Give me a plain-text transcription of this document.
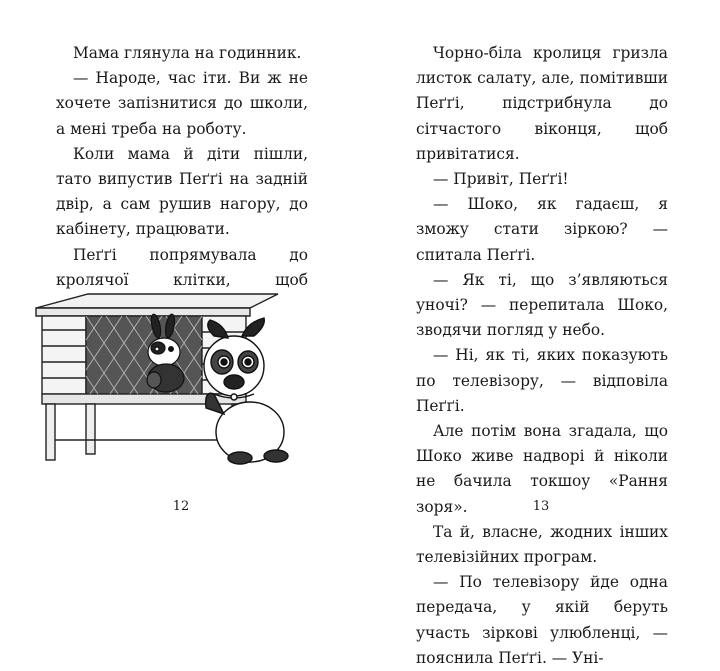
Мама глянула на годинник.

— Народе, час іти. Ви ж не хочете запізнитися до школи, а мені треба на роботу.

Коли мама й діти пішли, тато випустив Пеґґі на задній двір, а сам рушив нагору, до кабінету, працювати.

Пеґґі попрямувала до кролячої клітки, щоб

12

Чорно-біла кролиця гризла листок салату, але, помітивши Пеґґі, підстрибнула до сітчастого віконця, щоб привітатися.

— Привіт, Пеґґі!

— Шоко, як гадаєш, я зможу стати зіркою? — спитала Пеґґі.

— Як ті, що з’являються уночі? — перепитала Шоко, зводячи погляд у небо.

— Ні, як ті, яких показують по телевізору, — відповіла Пеґґі.

Але потім вона згадала, що Шоко живе надворі й ніколи не бачила токшоу «Рання зоря».

Та й, власне, жодних інших телевізійних програм.

— По телевізору йде одна передача, у якій беруть участь зіркові улюбленці, — пояснила Пеґґі. — Уні-

13
